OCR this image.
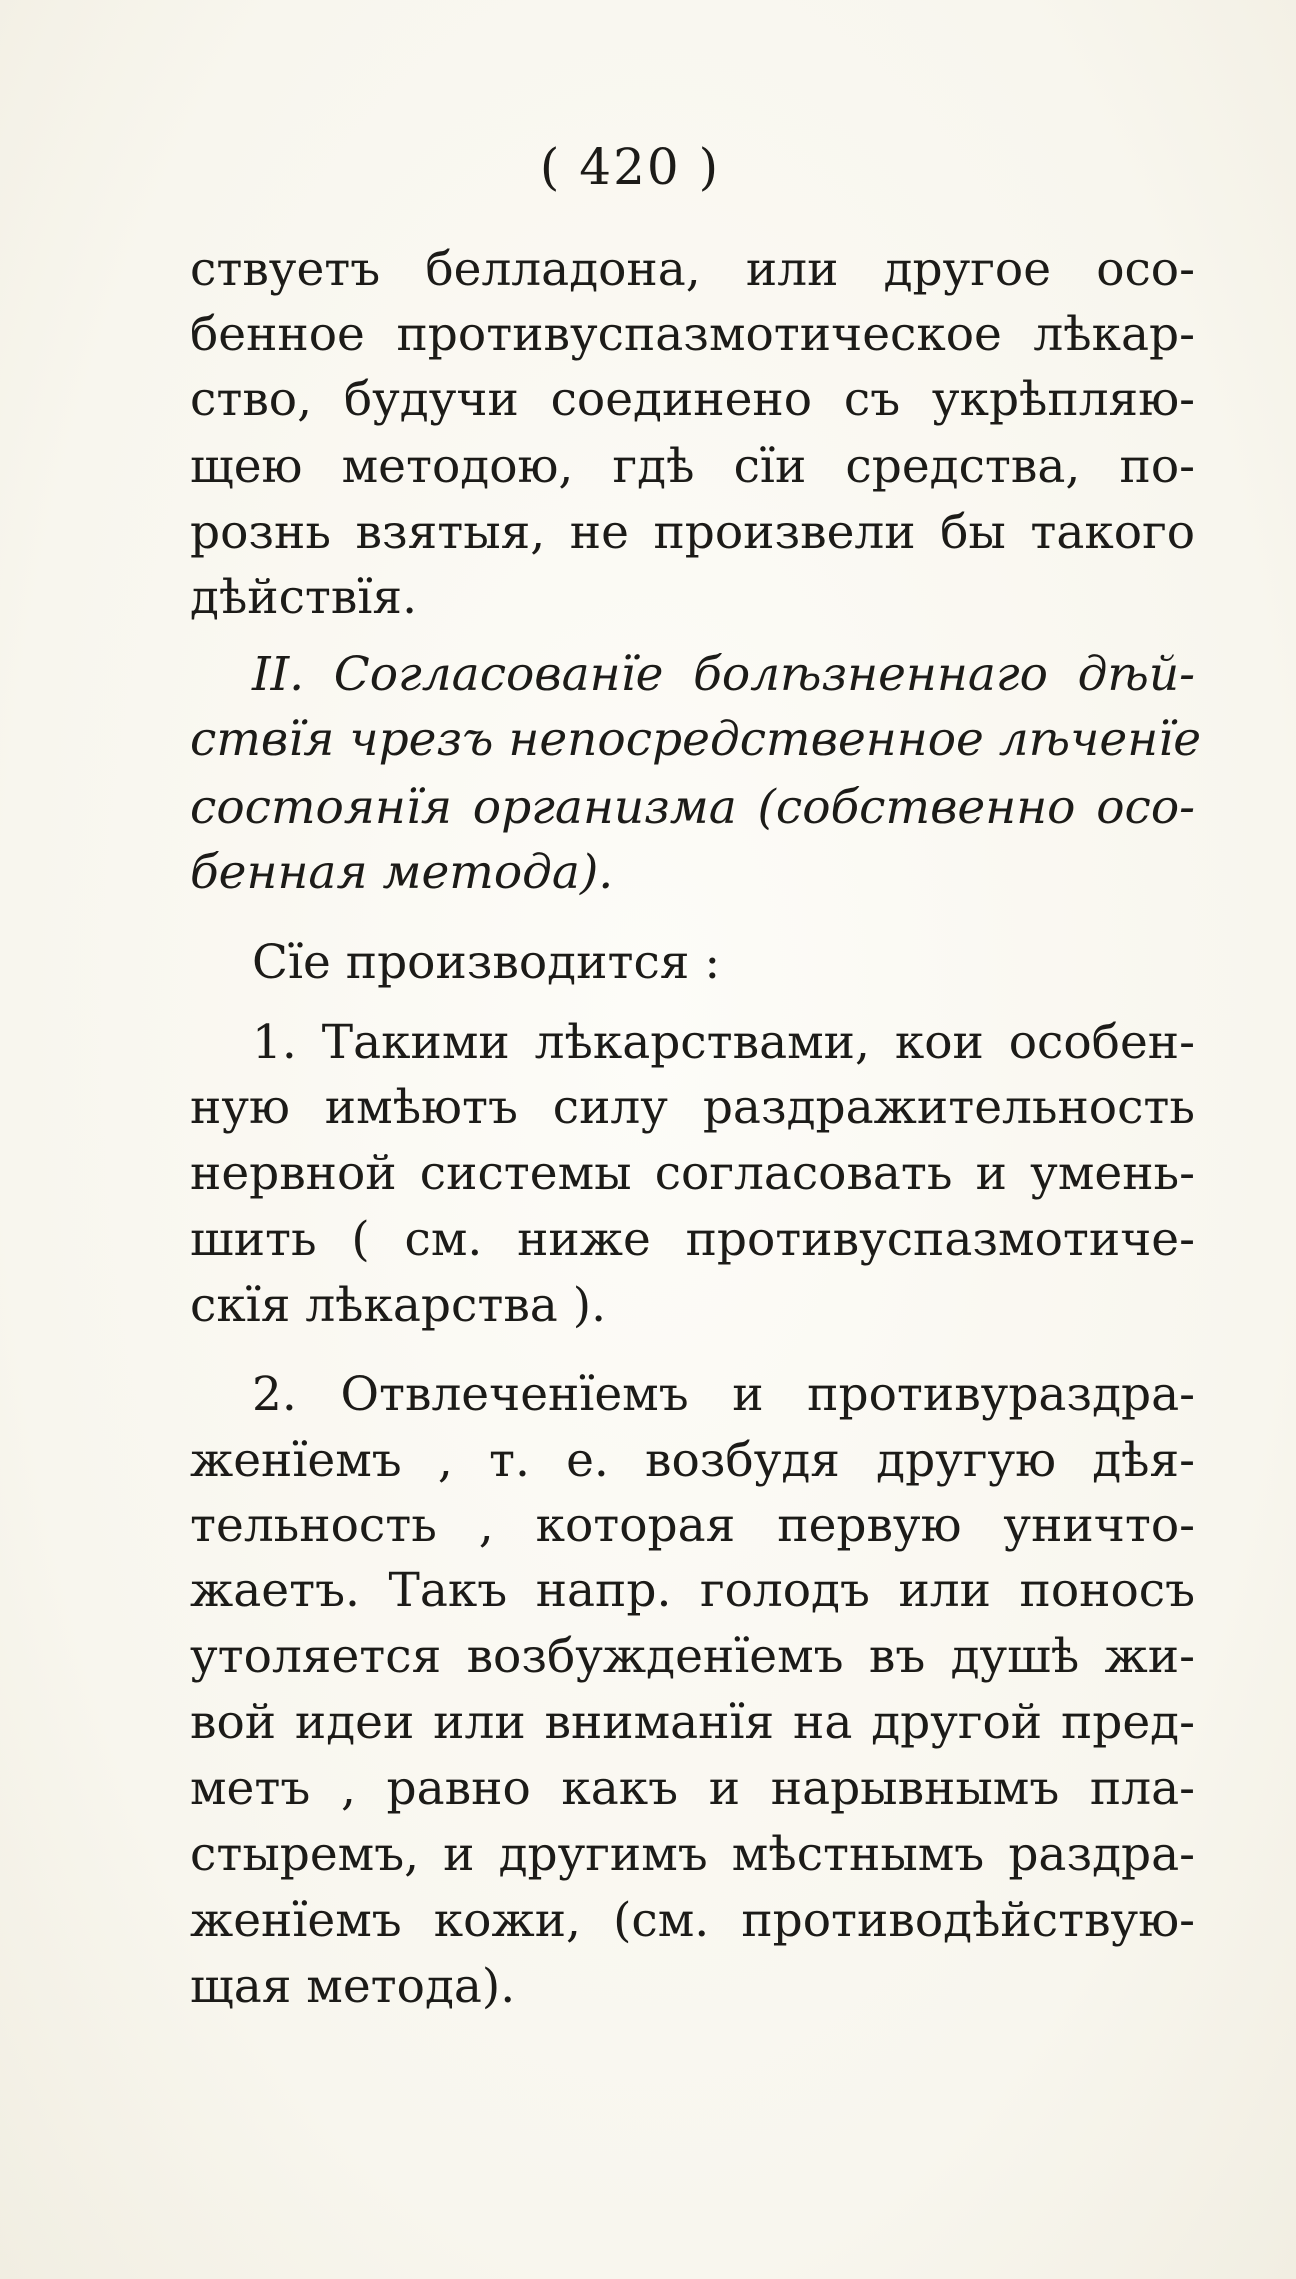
( 420 )
ствуетъ белладона, или другое осо-
бенное противуспазмотическое лѣкар-
ство, будучи соединено съ укрѣпляю-
щею методою, гдѣ сїи средства, по-
рознь взятыя, не произвели бы такого
дѣйствїя.
II. Согласованїе болѣзненнаго дѣй-
ствїя чрезъ непосредственное лѣченїе
состоянїя организма (собственно осо-
бенная метода).
Сїе производится :
1. Такими лѣкарствами, кои особен-
ную имѣютъ силу раздражительность
нервной системы согласовать и умень-
шить ( см. ниже противуспазмотиче-
скїя лѣкарства ).
2. Отвлеченїемъ и противураздра-
женїемъ , т. е. возбудя другую дѣя-
тельность , которая первую уничто-
жаетъ. Такъ напр. голодъ или поносъ
утоляется возбужденїемъ въ душѣ жи-
вой идеи или вниманїя на другой пред-
метъ , равно какъ и нарывнымъ пла-
стыремъ, и другимъ мѣстнымъ раздра-
женїемъ кожи, (см. противодѣйствую-
щая метода).
